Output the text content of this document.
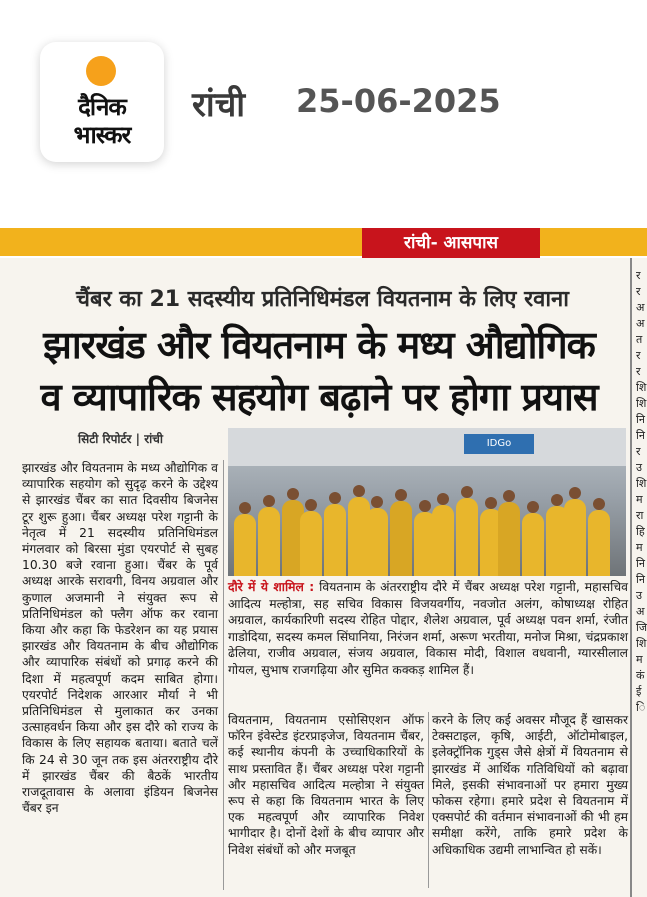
दैनिक
भास्कर
रांची 25-06-2025
रांची- आसपास
र र अ अ त र र शि शि नि नि र उ शि म रा हि म नि नि उ अ जि शि म कं ई ि
चैंबर का 21 सदस्यीय प्रतिनिधिमंडल वियतनाम के लिए रवाना
झारखंड और वियतनाम के मध्य औद्योगिक
व व्यापारिक सहयोग बढ़ाने पर होगा प्रयास
सिटी रिपोर्टर | रांची
झारखंड और वियतनाम के मध्य औद्योगिक व व्यापारिक सहयोग को सुदृढ़ करने के उद्देश्य से झारखंड चैंबर का सात दिवसीय बिजनेस टूर शुरू हुआ। चैंबर अध्यक्ष परेश गट्टानी के नेतृत्व में 21 सदस्यीय प्रतिनिधिमंडल मंगलवार को बिरसा मुंडा एयरपोर्ट से सुबह 10.30 बजे रवाना हुआ। चैंबर के पूर्व अध्यक्ष आरके सरावगी, विनय अग्रवाल और कुणाल अजमानी ने संयुक्त रूप से प्रतिनिधिमंडल को फ्लैग ऑफ कर रवाना किया और कहा कि फेडरेशन का यह प्रयास झारखंड और वियतनाम के बीच औद्योगिक और व्यापारिक संबंधों को प्रगाढ़ करने की दिशा में महत्वपूर्ण कदम साबित होगा। एयरपोर्ट निदेशक आरआर मौर्या ने भी प्रतिनिधिमंडल से मुलाकात कर उनका उत्साहवर्धन किया और इस दौरे को राज्य के विकास के लिए सहायक बताया। बताते चलें कि 24 से 30 जून तक इस अंतरराष्ट्रीय दौरे में झारखंड चैंबर की बैठकें भारतीय राजदूतावास के अलावा इंडियन बिजनेस चैंबर इन
IDGo
दौरे में ये शामिल : वियतनाम के अंतरराष्ट्रीय दौरे में चैंबर अध्यक्ष परेश गट्टानी, महासचिव आदित्य मल्होत्रा, सह सचिव विकास विजयवर्गीय, नवजोत अलंग, कोषाध्यक्ष रोहित अग्रवाल, कार्यकारिणी सदस्य रोहित पोद्दार, शैलेश अग्रवाल, पूर्व अध्यक्ष पवन शर्मा, रंजीत गाडोदिया, सदस्य कमल सिंघानिया, निरंजन शर्मा, अरूण भरतीया, मनोज मिश्रा, चंद्रप्रकाश ढेलिया, राजीव अग्रवाल, संजय अग्रवाल, विकास मोदी, विशाल वधवानी, ग्यारसीलाल गोयल, सुभाष राजगढ़िया और सुमित कक्कड़ शामिल हैं।
वियतनाम, वियतनाम एसोसिएशन ऑफ फॉरेन इंवेस्टेड इंटरप्राइजेज, वियतनाम चैंबर, कई स्थानीय कंपनी के उच्चाधिकारियों के साथ प्रस्तावित हैं। चैंबर अध्यक्ष परेश गट्टानी और महासचिव आदित्य मल्होत्रा ने संयुक्त रूप से कहा कि वियतनाम भारत के लिए एक महत्वपूर्ण और व्यापारिक निवेश भागीदार है। दोनों देशों के बीच व्यापार और निवेश संबंधों को और मजबूत
करने के लिए कई अवसर मौजूद हैं खासकर टेक्सटाइल, कृषि, आईटी, ऑटोमोबाइल, इलेक्ट्रॉनिक गुड्स जैसे क्षेत्रों में वियतनाम से झारखंड में आर्थिक गतिविधियों को बढ़ावा मिले, इसकी संभावनाओं पर हमारा मुख्य फोकस रहेगा। हमारे प्रदेश से वियतनाम में एक्सपोर्ट की वर्तमान संभावनाओं की भी हम समीक्षा करेंगे, ताकि हमारे प्रदेश के अधिकाधिक उद्यमी लाभान्वित हो सकें।
